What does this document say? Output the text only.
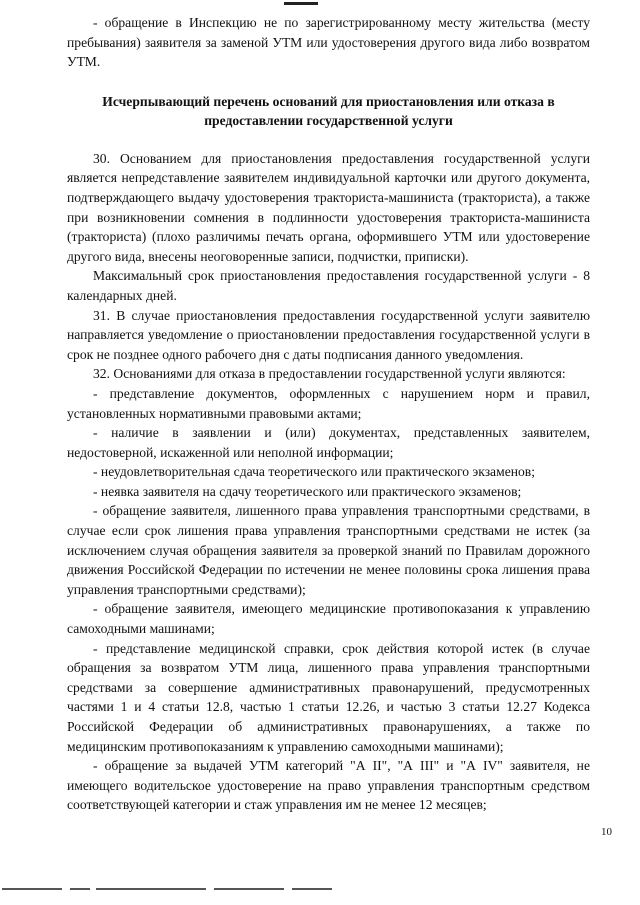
- обращение в Инспекцию не по зарегистрированному месту жительства (месту пребывания) заявителя за заменой УТМ или удостоверения другого вида либо возвратом УТМ.

Исчерпывающий перечень оснований для приостановления или отказа в предоставлении государственной услуги

30. Основанием для приостановления предоставления государственной услуги является непредставление заявителем индивидуальной карточки или другого документа, подтверждающего выдачу удостоверения тракториста-машиниста (тракториста), а также при возникновении сомнения в подлинности удостоверения тракториста-машиниста (тракториста) (плохо различимы печать органа, оформившего УТМ или удостоверение другого вида, внесены неоговоренные записи, подчистки, приписки).

Максимальный срок приостановления предоставления государственной услуги - 8 календарных дней.

31. В случае приостановления предоставления государственной услуги заявителю направляется уведомление о приостановлении предоставления государственной услуги в срок не позднее одного рабочего дня с даты подписания данного уведомления.

32. Основаниями для отказа в предоставлении государственной услуги являются:

- представление документов, оформленных с нарушением норм и правил, установленных нормативными правовыми актами;

- наличие в заявлении и (или) документах, представленных заявителем, недостоверной, искаженной или неполной информации;

- неудовлетворительная сдача теоретического или практического экзаменов;

- неявка заявителя на сдачу теоретического или практического экзаменов;

- обращение заявителя, лишенного права управления транспортными средствами, в случае если срок лишения права управления транспортными средствами не истек (за исключением случая обращения заявителя за проверкой знаний по Правилам дорожного движения Российской Федерации по истечении не менее половины срока лишения права управления транспортными средствами);

- обращение заявителя, имеющего медицинские противопоказания к управлению самоходными машинами;

- представление медицинской справки, срок действия которой истек (в случае обращения за возвратом УТМ лица, лишенного права управления транспортными средствами за совершение административных правонарушений, предусмотренных частями 1 и 4 статьи 12.8, частью 1 статьи 12.26, и частью 3 статьи 12.27 Кодекса Российской Федерации об административных правонарушениях, а также по медицинским противопоказаниям к управлению самоходными машинами);

- обращение за выдачей УТМ категорий "А II", "А III" и "А IV" заявителя, не имеющего водительское удостоверение на право управления транспортным средством соответствующей категории и стаж управления им не менее 12 месяцев;

10
